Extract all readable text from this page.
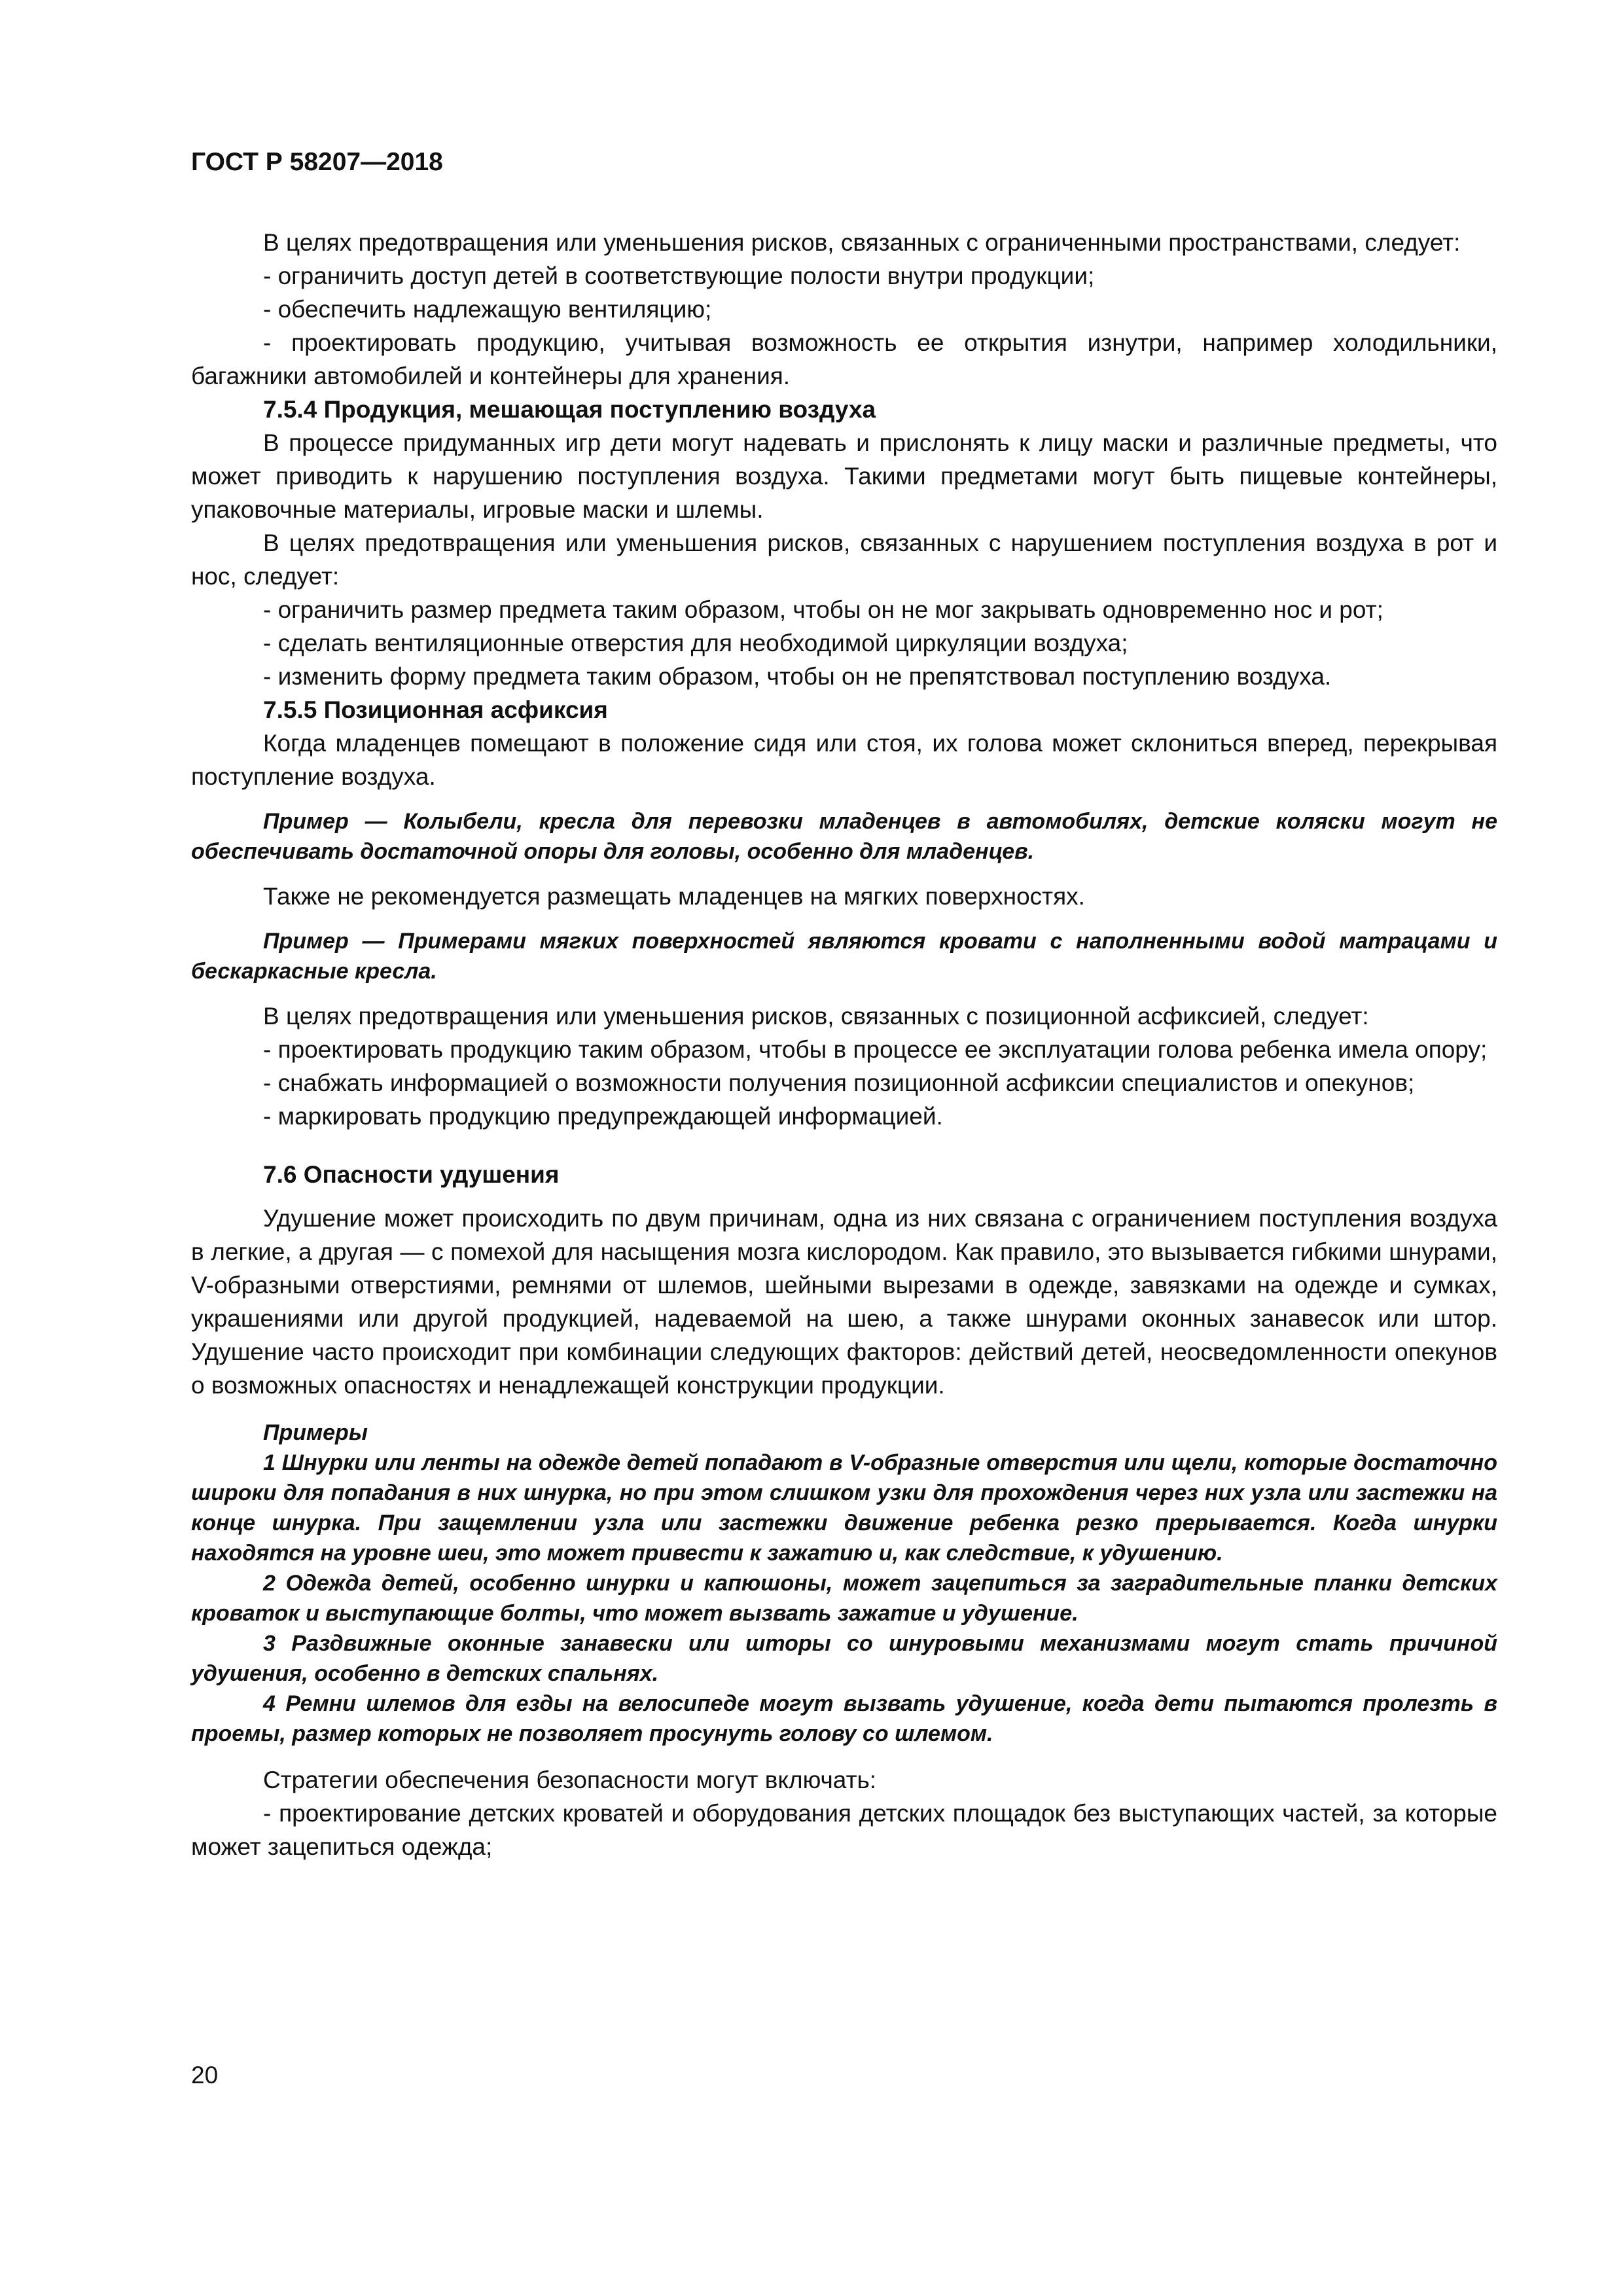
ГОСТ Р 58207—2018

В целях предотвращения или уменьшения рисков, связанных с ограниченными пространствами, следует:

- ограничить доступ детей в соответствующие полости внутри продукции;

- обеспечить надлежащую вентиляцию;

- проектировать продукцию, учитывая возможность ее открытия изнутри, например холодильники, багажники автомобилей и контейнеры для хранения.

7.5.4 Продукция, мешающая поступлению воздуха

В процессе придуманных игр дети могут надевать и прислонять к лицу маски и различные предметы, что может приводить к нарушению поступления воздуха. Такими предметами могут быть пищевые контейнеры, упаковочные материалы, игровые маски и шлемы.

В целях предотвращения или уменьшения рисков, связанных с нарушением поступления воздуха в рот и нос, следует:

- ограничить размер предмета таким образом, чтобы он не мог закрывать одновременно нос и рот;

- сделать вентиляционные отверстия для необходимой циркуляции воздуха;

- изменить форму предмета таким образом, чтобы он не препятствовал поступлению воздуха.

7.5.5 Позиционная асфиксия

Когда младенцев помещают в положение сидя или стоя, их голова может склониться вперед, перекрывая поступление воздуха.

Пример — Колыбели, кресла для перевозки младенцев в автомобилях, детские коляски могут не обеспечивать достаточной опоры для головы, особенно для младенцев.

Также не рекомендуется размещать младенцев на мягких поверхностях.

Пример — Примерами мягких поверхностей являются кровати с наполненными водой матрацами и бескаркасные кресла.

В целях предотвращения или уменьшения рисков, связанных с позиционной асфиксией, следует:

- проектировать продукцию таким образом, чтобы в процессе ее эксплуатации голова ребенка имела опору;

- снабжать информацией о возможности получения позиционной асфиксии специалистов и опекунов;

- маркировать продукцию предупреждающей информацией.

7.6 Опасности удушения

Удушение может происходить по двум причинам, одна из них связана с ограничением поступления воздуха в легкие, а другая — с помехой для насыщения мозга кислородом. Как правило, это вызывается гибкими шнурами, V-образными отверстиями, ремнями от шлемов, шейными вырезами в одежде, завязками на одежде и сумках, украшениями или другой продукцией, надеваемой на шею, а также шнурами оконных занавесок или штор. Удушение часто происходит при комбинации следующих факторов: действий детей, неосведомленности опекунов о возможных опасностях и ненадлежащей конструкции продукции.

Примеры

1 Шнурки или ленты на одежде детей попадают в V-образные отверстия или щели, которые достаточно широки для попадания в них шнурка, но при этом слишком узки для прохождения через них узла или застежки на конце шнурка. При защемлении узла или застежки движение ребенка резко прерывается. Когда шнурки находятся на уровне шеи, это может привести к зажатию и, как следствие, к удушению.

2 Одежда детей, особенно шнурки и капюшоны, может зацепиться за заградительные планки детских кроваток и выступающие болты, что может вызвать зажатие и удушение.

3 Раздвижные оконные занавески или шторы со шнуровыми механизмами могут стать причиной удушения, особенно в детских спальнях.

4 Ремни шлемов для езды на велосипеде могут вызвать удушение, когда дети пытаются пролезть в проемы, размер которых не позволяет просунуть голову со шлемом.

Стратегии обеспечения безопасности могут включать:

- проектирование детских кроватей и оборудования детских площадок без выступающих частей, за которые может зацепиться одежда;

20
